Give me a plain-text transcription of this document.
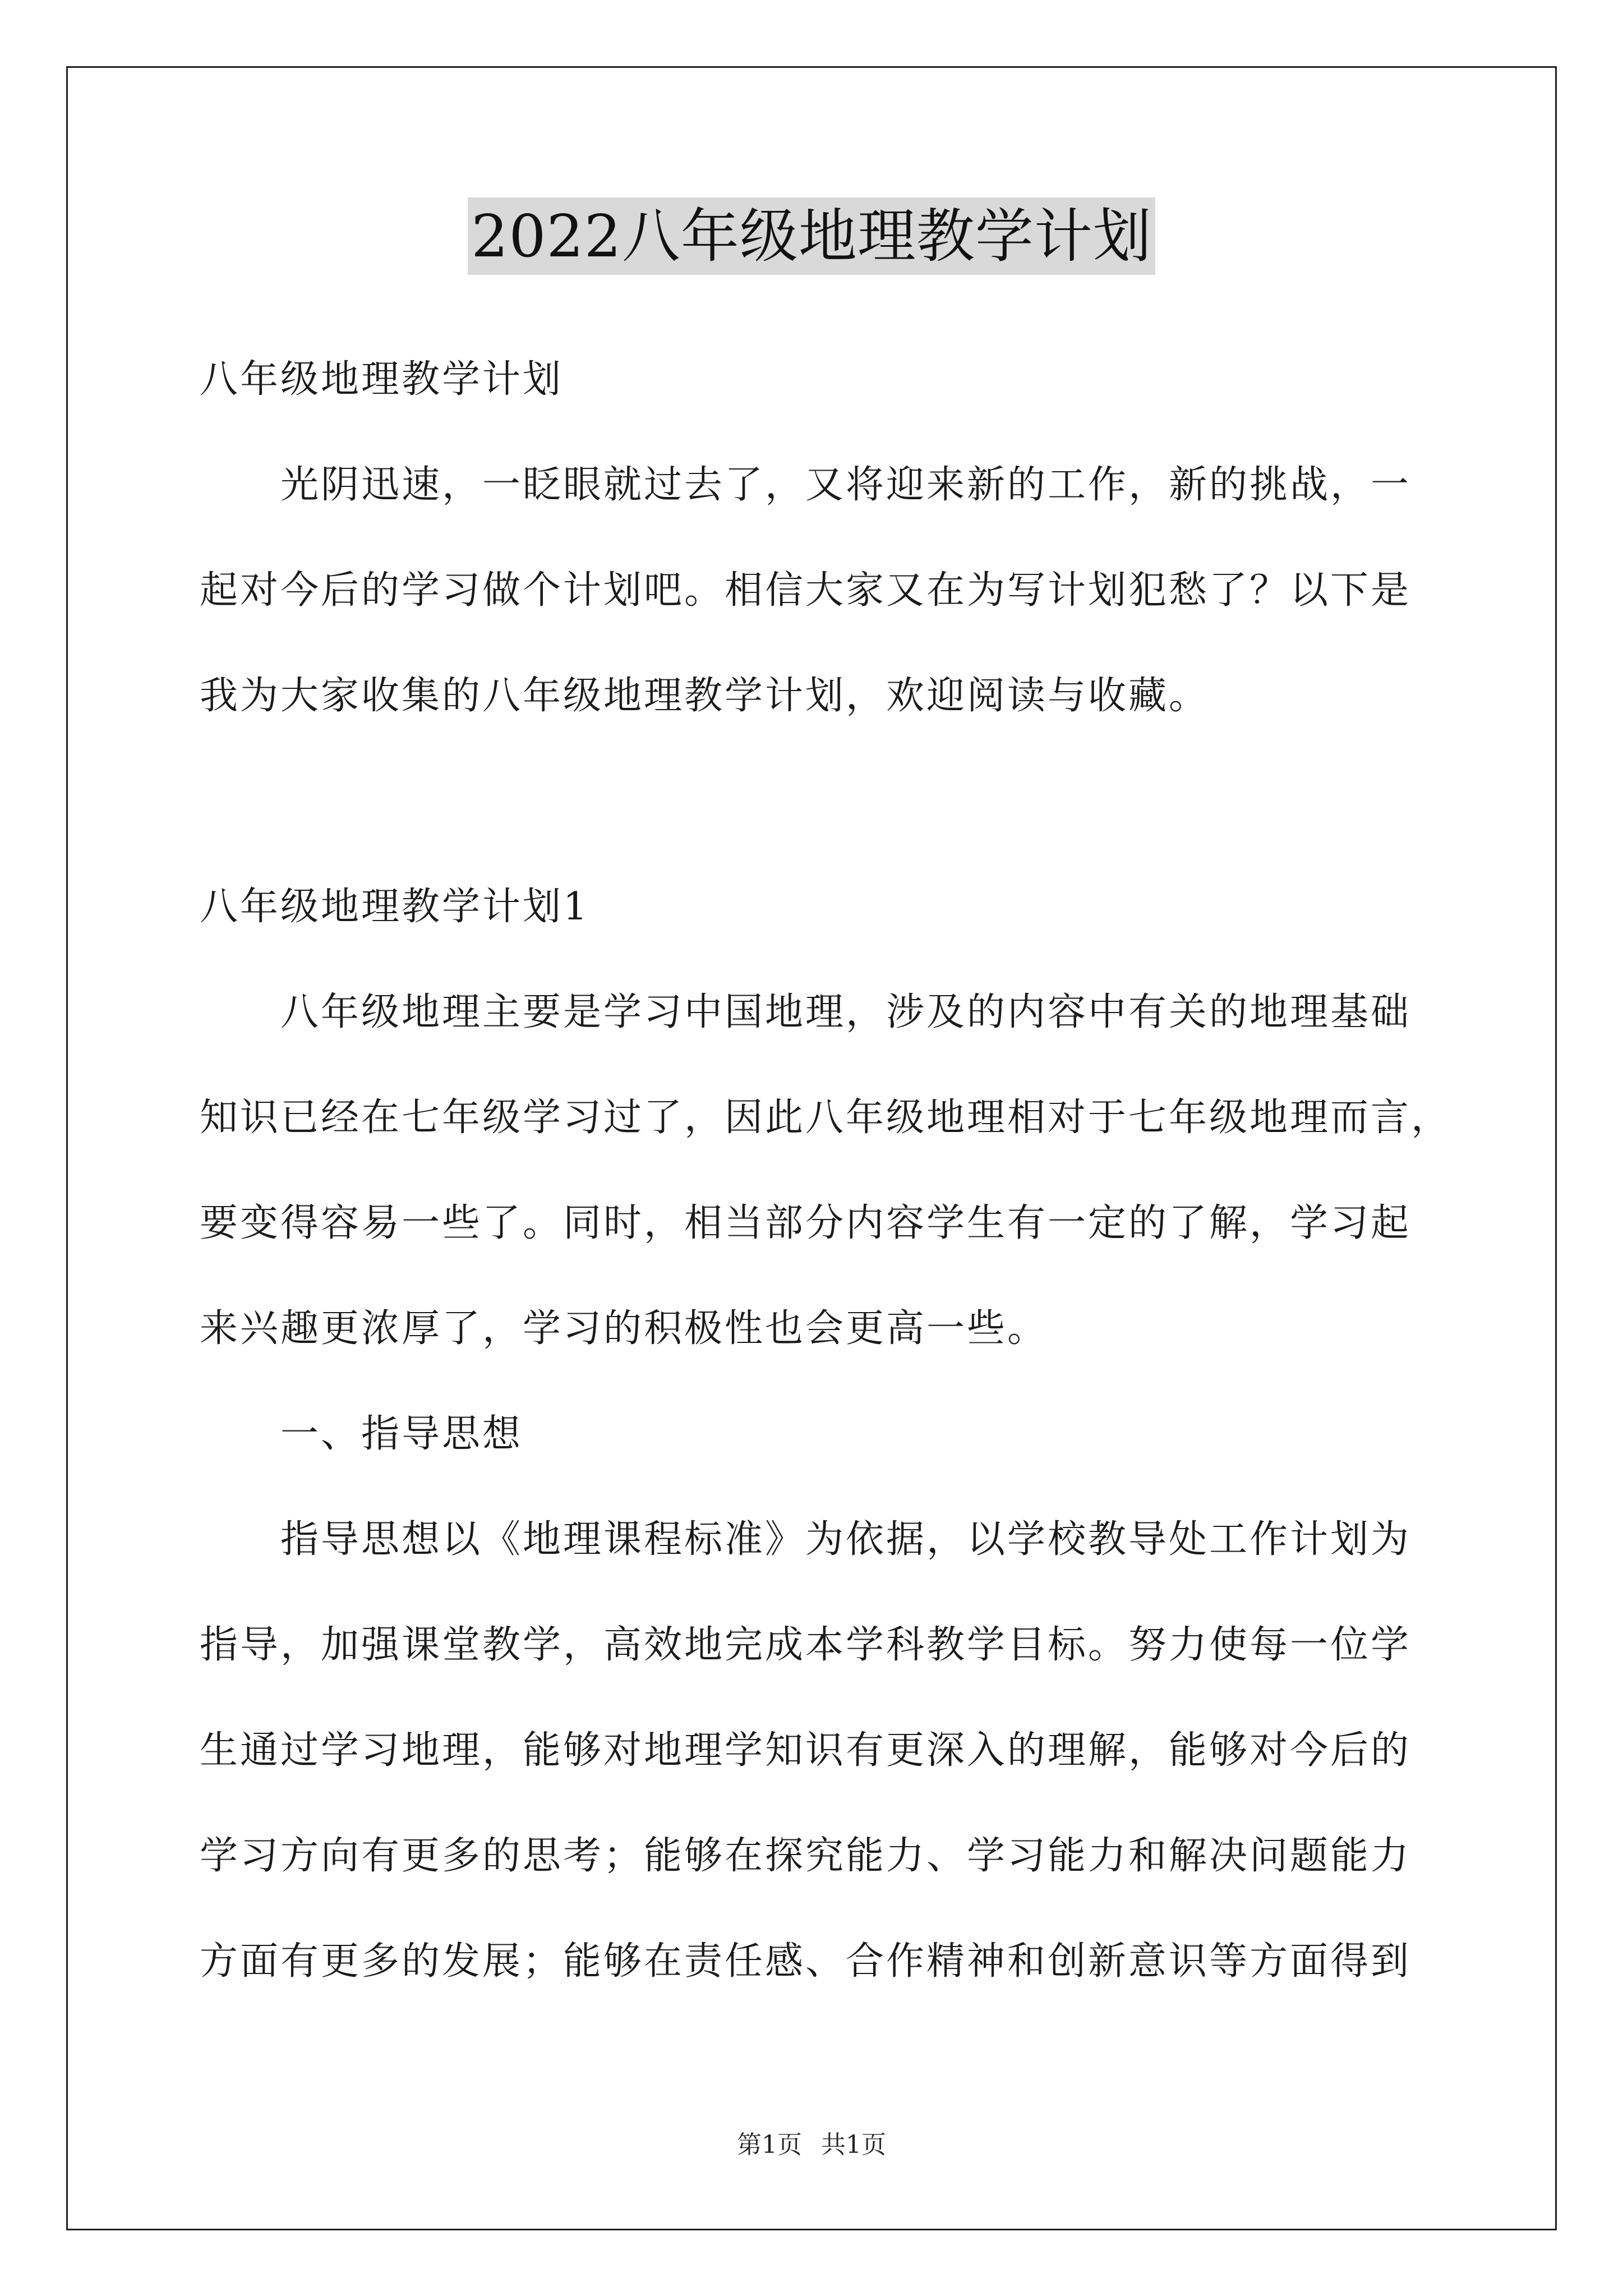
2022八年级地理教学计划
八年级地理教学计划
光阴迅速，一眨眼就过去了，又将迎来新的工作，新的挑战，一
起对今后的学习做个计划吧。相信大家又在为写计划犯愁了？以下是
我为大家收集的八年级地理教学计划，欢迎阅读与收藏。
八年级地理教学计划1
八年级地理主要是学习中国地理，涉及的内容中有关的地理基础
知识已经在七年级学习过了，因此八年级地理相对于七年级地理而言，
要变得容易一些了。同时，相当部分内容学生有一定的了解，学习起
来兴趣更浓厚了，学习的积极性也会更高一些。
一、指导思想
指导思想以《地理课程标准》为依据，以学校教导处工作计划为
指导，加强课堂教学，高效地完成本学科教学目标。努力使每一位学
生通过学习地理，能够对地理学知识有更深入的理解，能够对今后的
学习方向有更多的思考；能够在探究能力、学习能力和解决问题能力
方面有更多的发展；能够在责任感、合作精神和创新意识等方面得到
第1页 共1页
